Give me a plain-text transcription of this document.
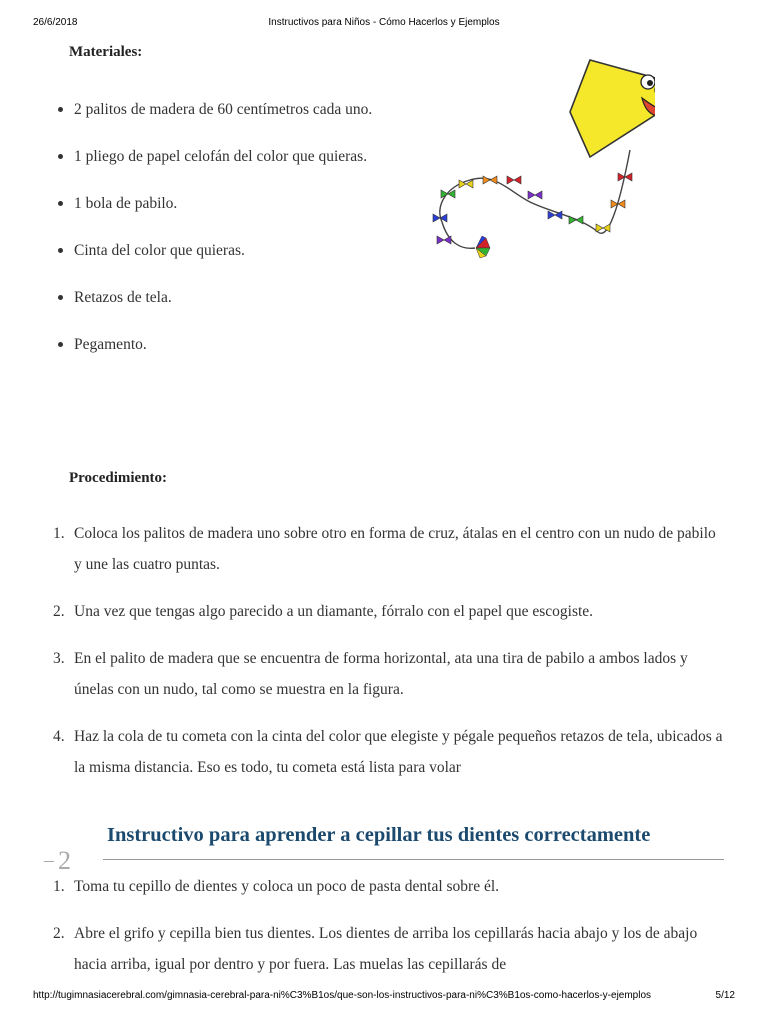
26/6/2018	Instructivos para Niños - Cómo Hacerlos y Ejemplos
Materiales:
2 palitos de madera de 60 centímetros cada uno.
1 pliego de papel celofán del color que quieras.
1 bola de pabilo.
Cinta del color que quieras.
Retazos de tela.
Pegamento.
Procedimiento:
1. Coloca los palitos de madera uno sobre otro en forma de cruz, átalas en el centro con un nudo de pabilo y une las cuatro puntas.
2. Una vez que tengas algo parecido a un diamante, fórralo con el papel que escogiste.
3. En el palito de madera que se encuentra de forma horizontal, ata una tira de pabilo a ambos lados y únelas con un nudo, tal como se muestra en la figura.
4. Haz la cola de tu cometa con la cinta del color que elegiste y pégale pequeños retazos de tela, ubicados a la misma distancia. Eso es todo, tu cometa está lista para volar
– 2
Instructivo para aprender a cepillar tus dientes correctamente
1. Toma tu cepillo de dientes y coloca un poco de pasta dental sobre él.
2. Abre el grifo y cepilla bien tus dientes. Los dientes de arriba los cepillarás hacia abajo y los de abajo hacia arriba, igual por dentro y por fuera. Las muelas las cepillarás de
http://tugimnasiacerebral.com/gimnasia-cerebral-para-ni%C3%B1os/que-son-los-instructivos-para-ni%C3%B1os-como-hacerlos-y-ejemplos	5/12
